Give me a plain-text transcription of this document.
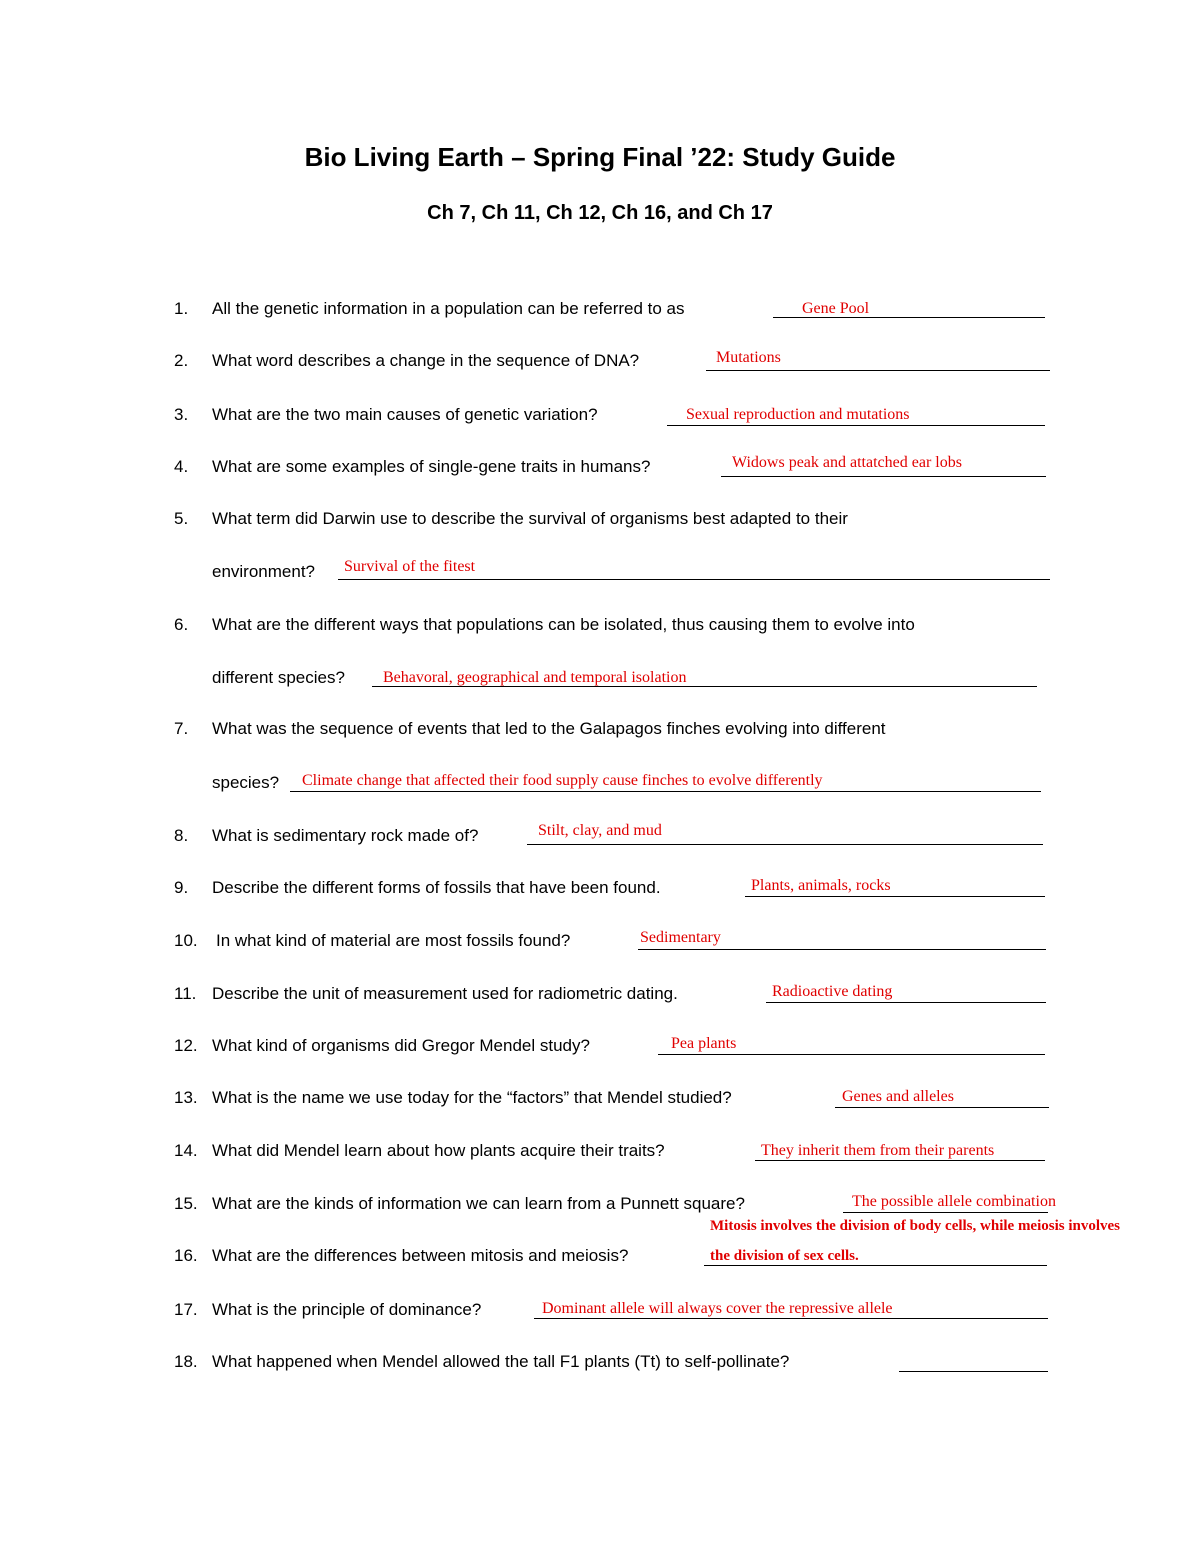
Bio Living Earth – Spring Final ’22: Study Guide
Ch 7, Ch 11, Ch 12, Ch 16, and Ch 17
1. All the genetic information in a population can be referred to as	Gene Pool
2. What word describes a change in the sequence of DNA?	Mutations
3. What are the two main causes of genetic variation?	Sexual reproduction and mutations
4. What are some examples of single-gene traits in humans?	Widows peak and attatched ear lobs
5. What term did Darwin use to describe the survival of organisms best adapted to their
environment? Survival of the fitest
6. What are the different ways that populations can be isolated, thus causing them to evolve into
different species? Behavoral, geographical and temporal isolation
7. What was the sequence of events that led to the Galapagos finches evolving into different
species? Climate change that affected their food supply cause finches to evolve differently
8. What is sedimentary rock made of?	Stilt, clay, and mud
9. Describe the different forms of fossils that have been found.	Plants, animals, rocks
10. In what kind of material are most fossils found?	Sedimentary
11. Describe the unit of measurement used for radiometric dating.	Radioactive dating
12. What kind of organisms did Gregor Mendel study?	Pea plants
13. What is the name we use today for the “factors” that Mendel studied?	Genes and alleles
14. What did Mendel learn about how plants acquire their traits?	They inherit them from their parents
15. What are the kinds of information we can learn from a Punnett square?	The possible allele combination
Mitosis involves the division of body cells, while meiosis involves
16. What are the differences between mitosis and meiosis?	the division of sex cells.
17. What is the principle of dominance?	Dominant allele will always cover the repressive allele
18. What happened when Mendel allowed the tall F1 plants (Tt) to self-pollinate?
